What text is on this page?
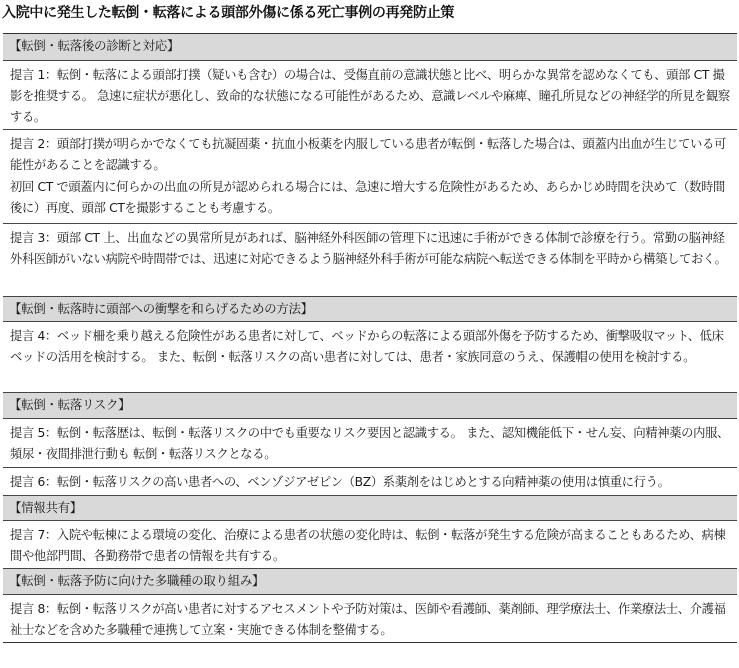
入院中に発生した転倒・転落による頭部外傷に係る死亡事例の再発防止策
【転倒・転落後の診断と対応】

提言 1：転倒・転落による頭部打撲（疑いも含む）の場合は、受傷直前の意識状態と比べ、明らかな異常を認めなくても、頭部 CT 撮影を推奨する。 急速に症状が悪化し、致命的な状態になる可能性があるため、意識レベルや麻痺、瞳孔所見などの神経学的所見を観察する。

提言 2：頭部打撲が明らかでなくても抗凝固薬・抗血小板薬を内服している患者が転倒・転落した場合は、頭蓋内出血が生じている可能性があることを認識する。

初回 CT で頭蓋内に何らかの出血の所見が認められる場合には、急速に増大する危険性があるため、あらかじめ時間を決めて（数時間後に）再度、頭部 CTを撮影することも考慮する。

提言 3：頭部 CT 上、出血などの異常所見があれば、脳神経外科医師の管理下に迅速に手術ができる体制で診療を行う。常勤の脳神経外科医師がいない病院や時間帯では、迅速に対応できるよう脳神経外科手術が可能な病院へ転送できる体制を平時から構築しておく。

【転倒・転落時に頭部への衝撃を和らげるための方法】

提言 4：ベッド柵を乗り越える危険性がある患者に対して、ベッドからの転落による頭部外傷を予防するため、衝撃吸収マット、低床ベッドの活用を検討する。 また、転倒・転落リスクの高い患者に対しては、患者・家族同意のうえ、保護帽の使用を検討する。

【転倒・転落リスク】

提言 5：転倒・転落歴は、転倒・転落リスクの中でも重要なリスク要因と認識する。 また、認知機能低下・せん妄、向精神薬の内服、頻尿・夜間排泄行動も 転倒・転落リスクとなる。

提言 6：転倒・転落リスクの高い患者への、ベンゾジアゼピン（BZ）系薬剤をはじめとする向精神薬の使用は慎重に行う。

【情報共有】

提言 7：入院や転棟による環境の変化、治療による患者の状態の変化時は、転倒・転落が発生する危険が高まることもあるため、病棟間や他部門間、各勤務帯で患者の情報を共有する。

【転倒・転落予防に向けた多職種の取り組み】

提言 8：転倒・転落リスクが高い患者に対するアセスメントや予防対策は、医師や看護師、薬剤師、理学療法士、作業療法士、介護福祉士などを含めた多職種で連携して立案・実施できる体制を整備する。
